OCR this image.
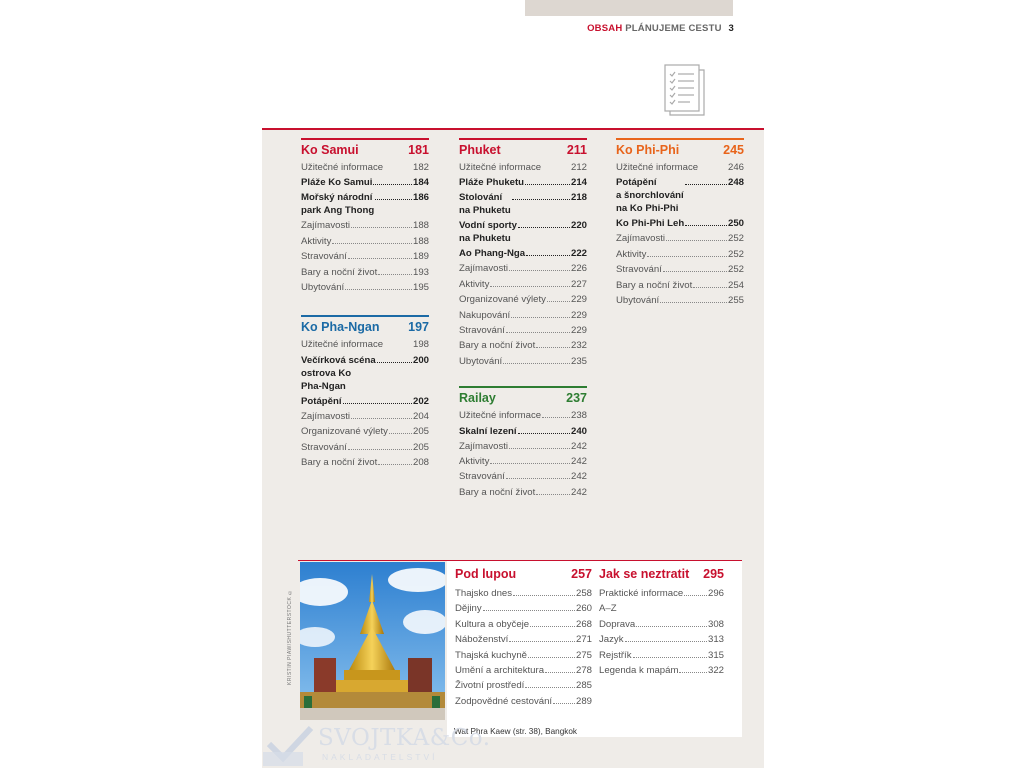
OBSAH PLÁNUJEME CESTU 3
Ko Samui	181
Užitečné informace	182
Pláže Ko Samui	184
Mořský národní
park Ang Thong
186
Zajímavosti	188
Aktivity	188
Stravování	189
Bary a noční život	193
Ubytování	195
Ko Pha-Ngan 197
Užitečné informace	198
Večírková scéna
ostrova Ko
Pha-Ngan
200
Potápění	202
Zajímavosti	204
Organizované výlety	205
Stravování	205
Bary a noční život	208
Phuket	211
Užitečné informace	212
Pláže Phuketu	214
Stolování
na Phuketu
218
Vodní sporty
na Phuketu
220
Ao Phang-Nga	222
Zajímavosti	226
Aktivity	227
Organizované výlety	229
Nakupování	229
Stravování	229
Bary a noční život	232
Ubytování	235
Railay	237
Užitečné informace	238
Skalní lezení	240
Zajímavosti	242
Aktivity	242
Stravování	242
Bary a noční život	242
Ko Phi-Phi	245
Užitečné informace	246
Potápění
a šnorchlování
na Ko Phi-Phi
248
Ko Phi-Phi Leh	250
Zajímavosti	252
Aktivity	252
Stravování	252
Bary a noční život	254
Ubytování	255
KRISTIN PIAW/SHUTTERSTOCK ©
Pod lupou	257
Thajsko dnes	258
Dějiny	260
Kultura a obyčeje	268
Náboženství	271
Thajská kuchyně	275
Umění a architektura	278
Životní prostředí	285
Zodpovědné cestování 289
Jak se neztratit 295
Praktické informace
A–Z
296
Doprava	308
Jazyk	313
Rejstřík	315
Legenda k mapám	322
Wat Phra Kaew (str. 38), Bangkok
SVOJTKA&Co.
NAKLADATELSTVÍ
